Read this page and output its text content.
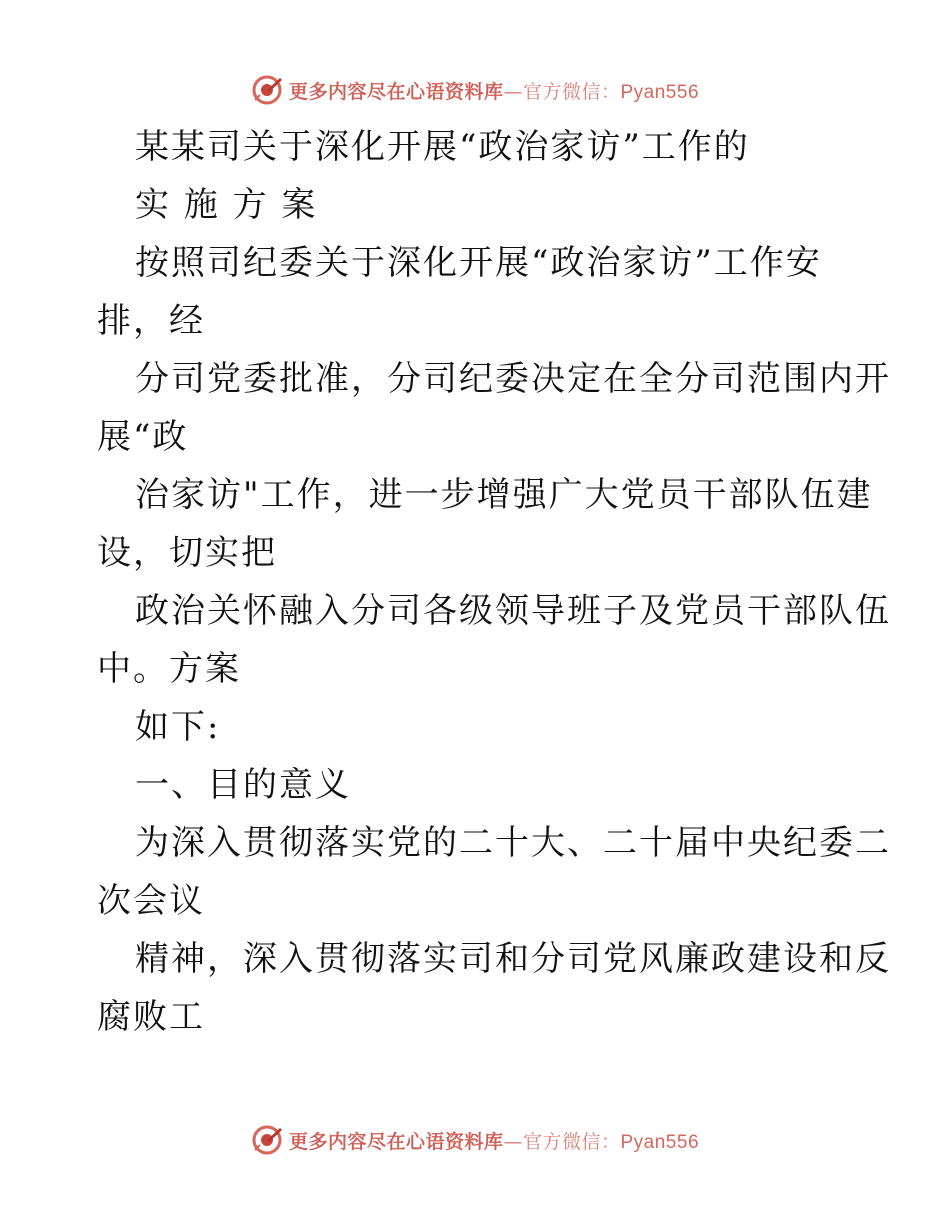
更多内容尽在心语资料库—官方微信：Pyan556
某某司关于深化开展“政治家访”工作的
实 施 方 案
按照司纪委关于深化开展“政治家访”工作安
排，经
分司党委批准，分司纪委决定在全分司范围内开
展“政
治家访"工作，进一步增强广大党员干部队伍建
设，切实把
政治关怀融入分司各级领导班子及党员干部队伍
中。方案
如下:
一、目的意义
为深入贯彻落实党的二十大、二十届中央纪委二
次会议
精神，深入贯彻落实司和分司党风廉政建设和反
腐败工
更多内容尽在心语资料库—官方微信：Pyan556
